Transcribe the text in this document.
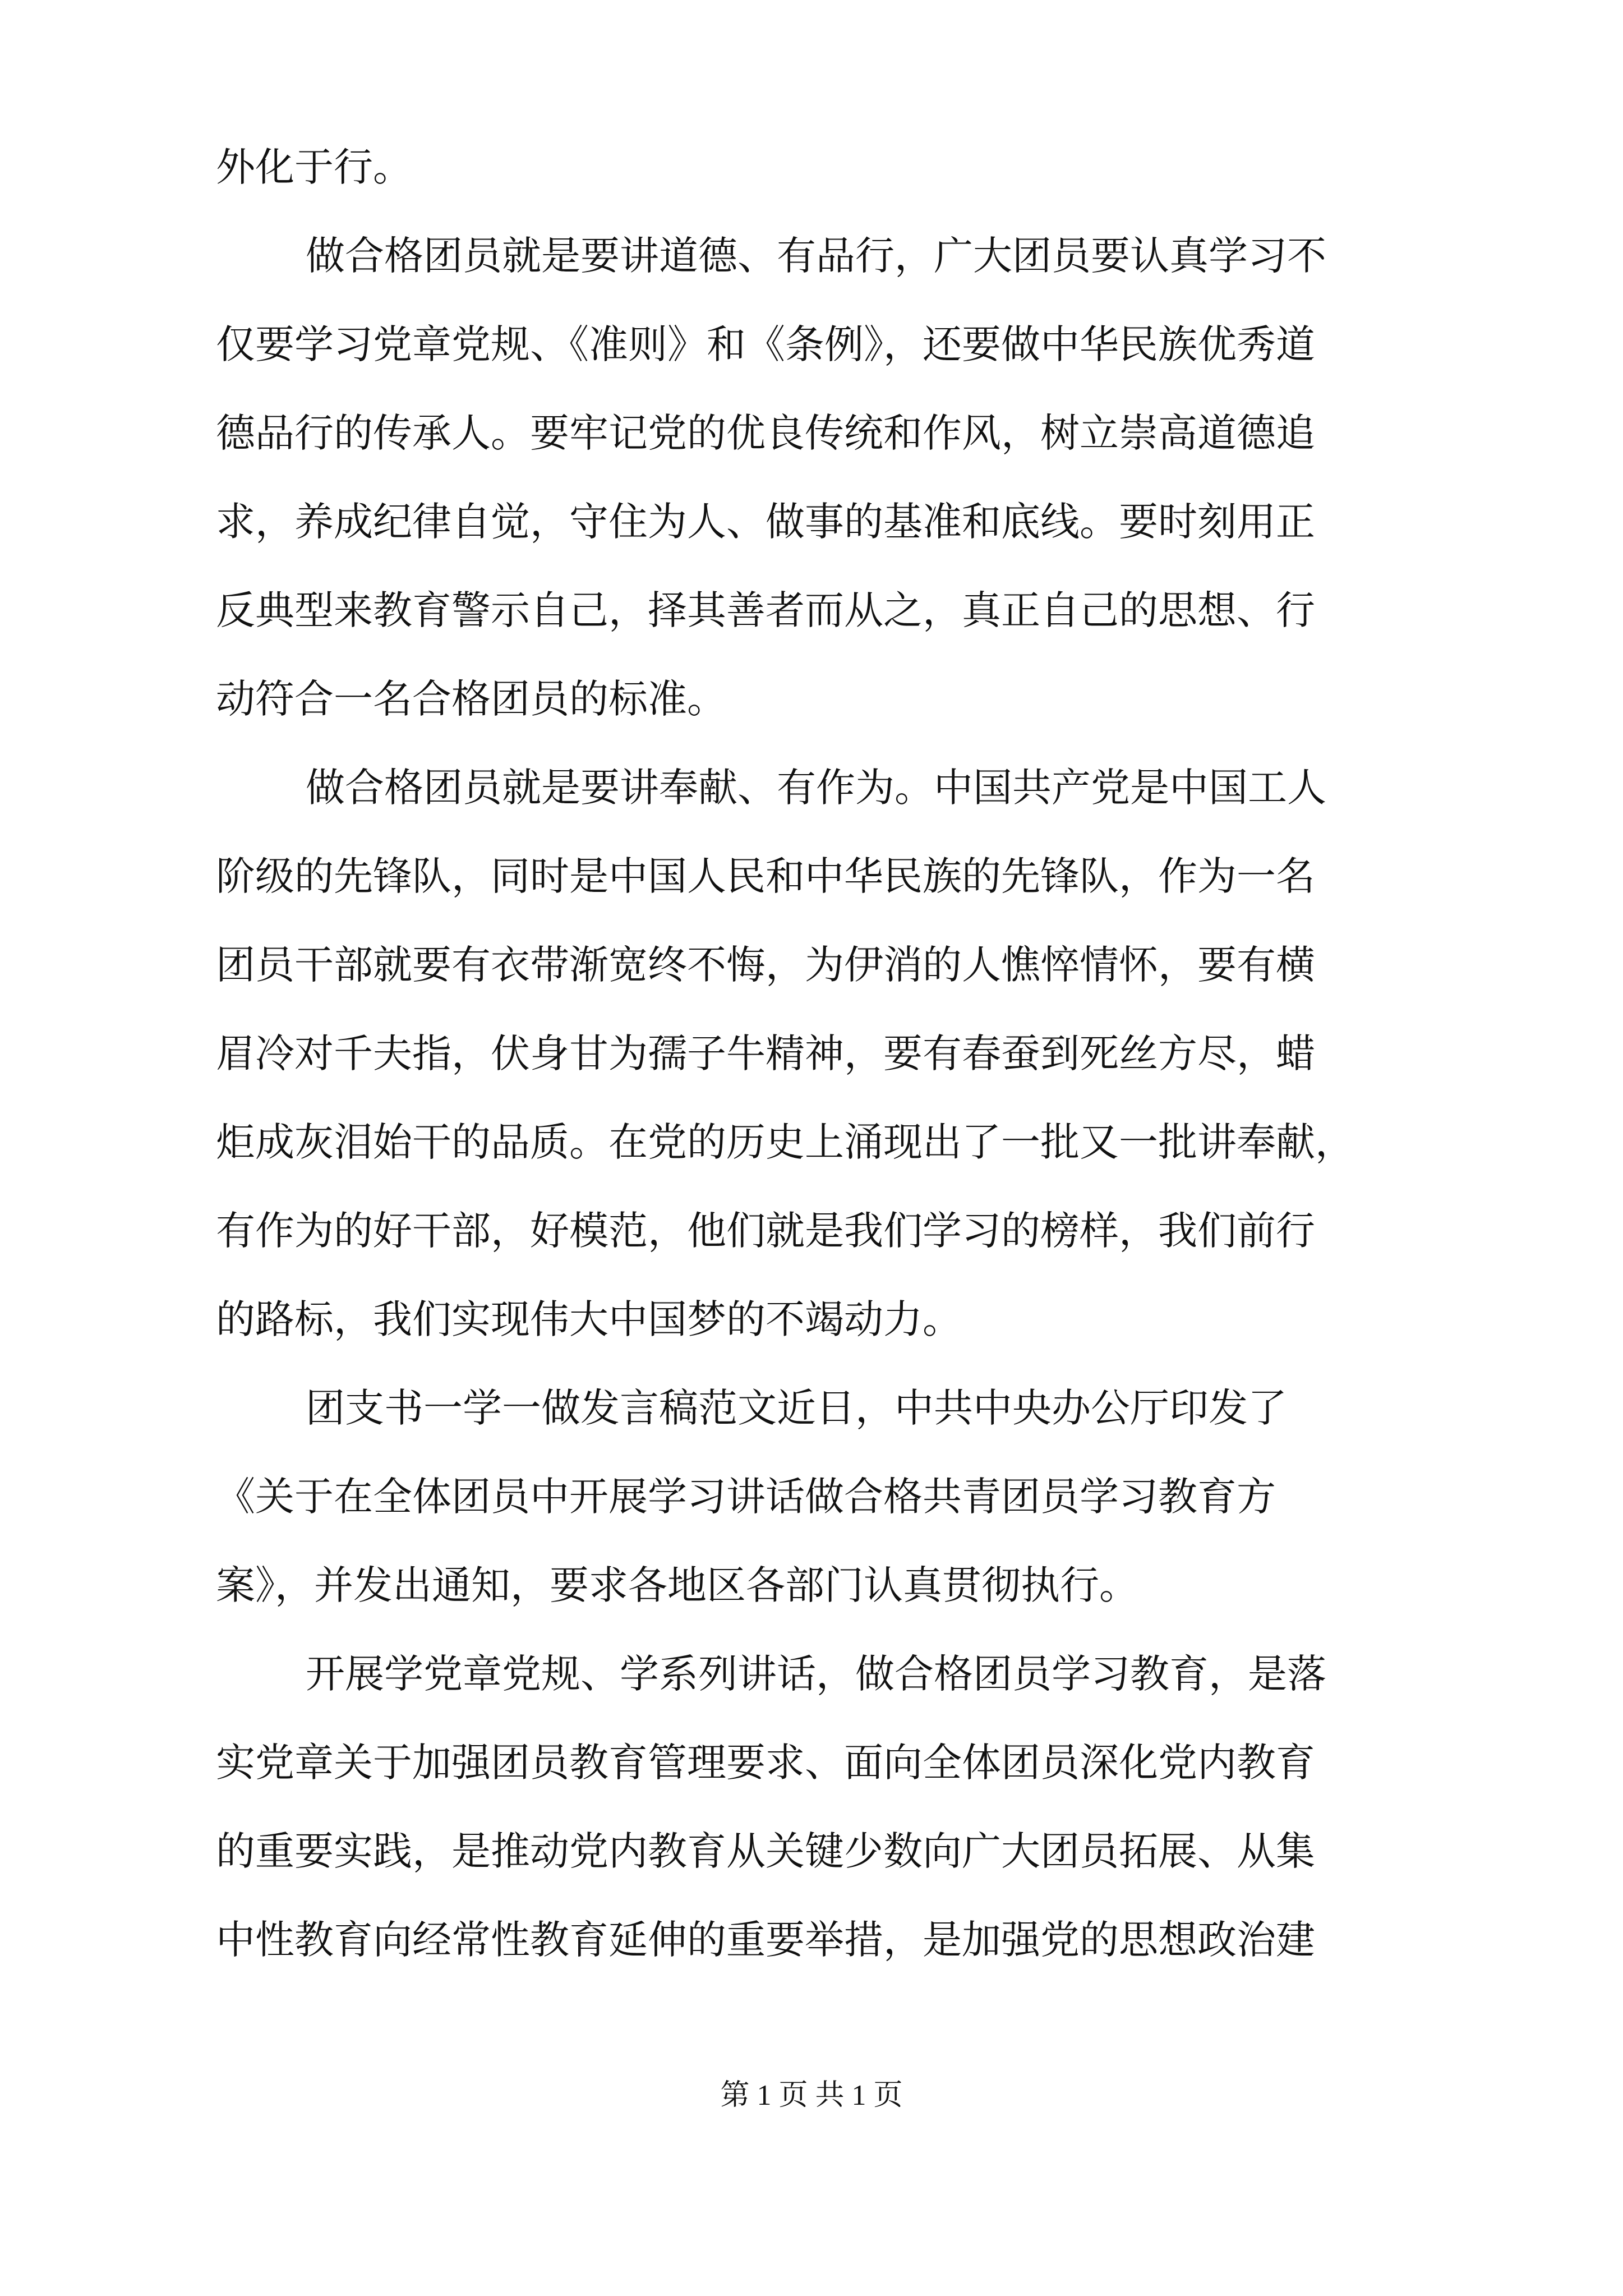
外化于行。
做合格团员就是要讲道德、有品行，广大团员要认真学习不
仅要学习党章党规、《准则》和《条例》，还要做中华民族优秀道
德品行的传承人。要牢记党的优良传统和作风，树立崇高道德追
求，养成纪律自觉，守住为人、做事的基准和底线。要时刻用正
反典型来教育警示自己，择其善者而从之，真正自己的思想、行
动符合一名合格团员的标准。
做合格团员就是要讲奉献、有作为。中国共产党是中国工人
阶级的先锋队，同时是中国人民和中华民族的先锋队，作为一名
团员干部就要有衣带渐宽终不悔，为伊消的人憔悴情怀，要有横
眉冷对千夫指，伏身甘为孺子牛精神，要有春蚕到死丝方尽，蜡
炬成灰泪始干的品质。在党的历史上涌现出了一批又一批讲奉献，
有作为的好干部，好模范，他们就是我们学习的榜样，我们前行
的路标，我们实现伟大中国梦的不竭动力。
团支书一学一做发言稿范文近日，中共中央办公厅印发了
《关于在全体团员中开展学习讲话做合格共青团员学习教育方
案》，并发出通知，要求各地区各部门认真贯彻执行。
开展学党章党规、学系列讲话，做合格团员学习教育，是落
实党章关于加强团员教育管理要求、面向全体团员深化党内教育
的重要实践，是推动党内教育从关键少数向广大团员拓展、从集
中性教育向经常性教育延伸的重要举措，是加强党的思想政治建
第 1 页 共 1 页
